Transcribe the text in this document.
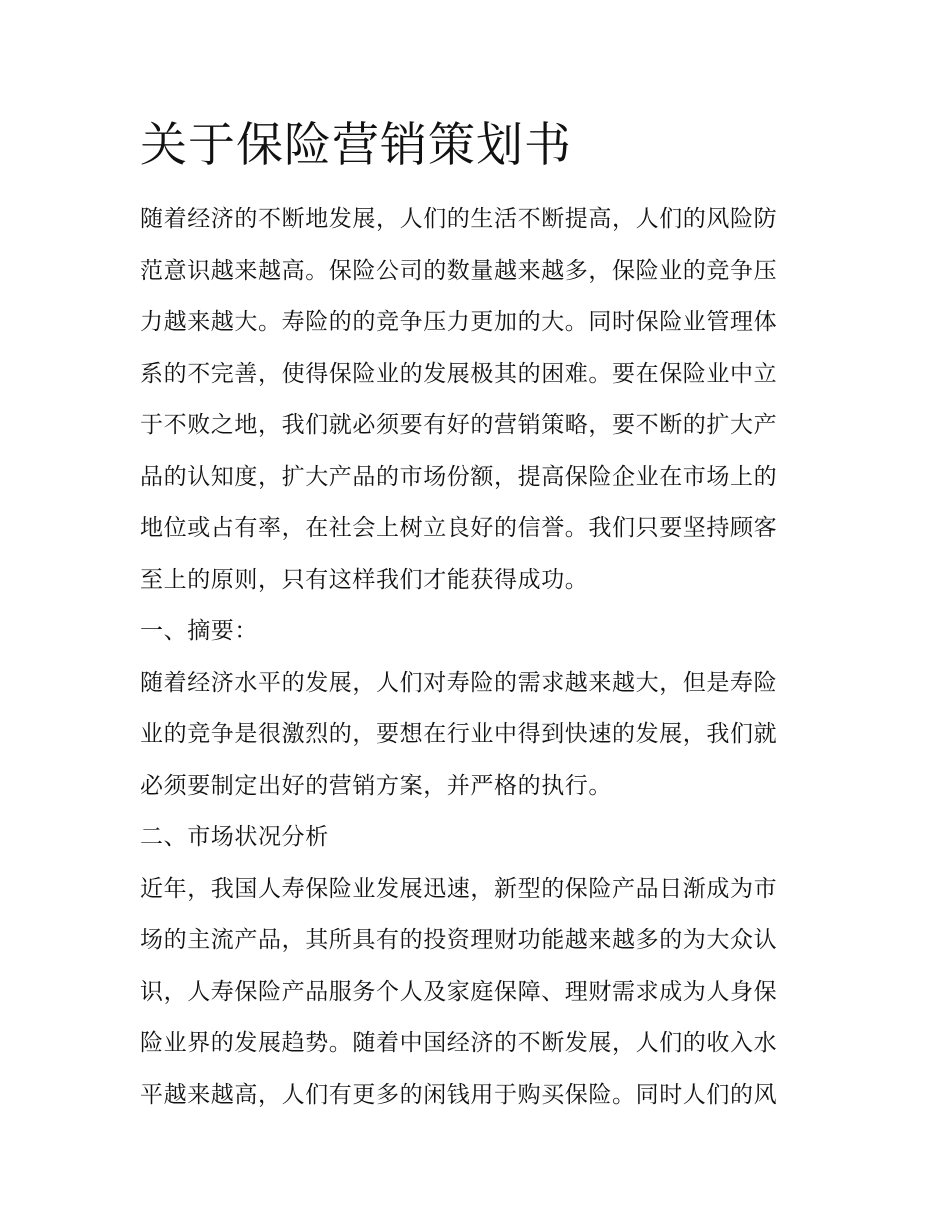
关于保险营销策划书
随着经济的不断地发展，人们的生活不断提高，人们的风险防
范意识越来越高。保险公司的数量越来越多，保险业的竞争压
力越来越大。寿险的的竞争压力更加的大。同时保险业管理体
系的不完善，使得保险业的发展极其的困难。要在保险业中立
于不败之地，我们就必须要有好的营销策略，要不断的扩大产
品的认知度，扩大产品的市场份额，提高保险企业在市场上的
地位或占有率，在社会上树立良好的信誉。我们只要坚持顾客
至上的原则，只有这样我们才能获得成功。
一、摘要：
随着经济水平的发展，人们对寿险的需求越来越大，但是寿险
业的竞争是很激烈的，要想在行业中得到快速的发展，我们就
必须要制定出好的营销方案，并严格的执行。
二、市场状况分析
近年，我国人寿保险业发展迅速，新型的保险产品日渐成为市
场的主流产品，其所具有的投资理财功能越来越多的为大众认
识，人寿保险产品服务个人及家庭保障、理财需求成为人身保
险业界的发展趋势。随着中国经济的不断发展，人们的收入水
平越来越高，人们有更多的闲钱用于购买保险。同时人们的风
